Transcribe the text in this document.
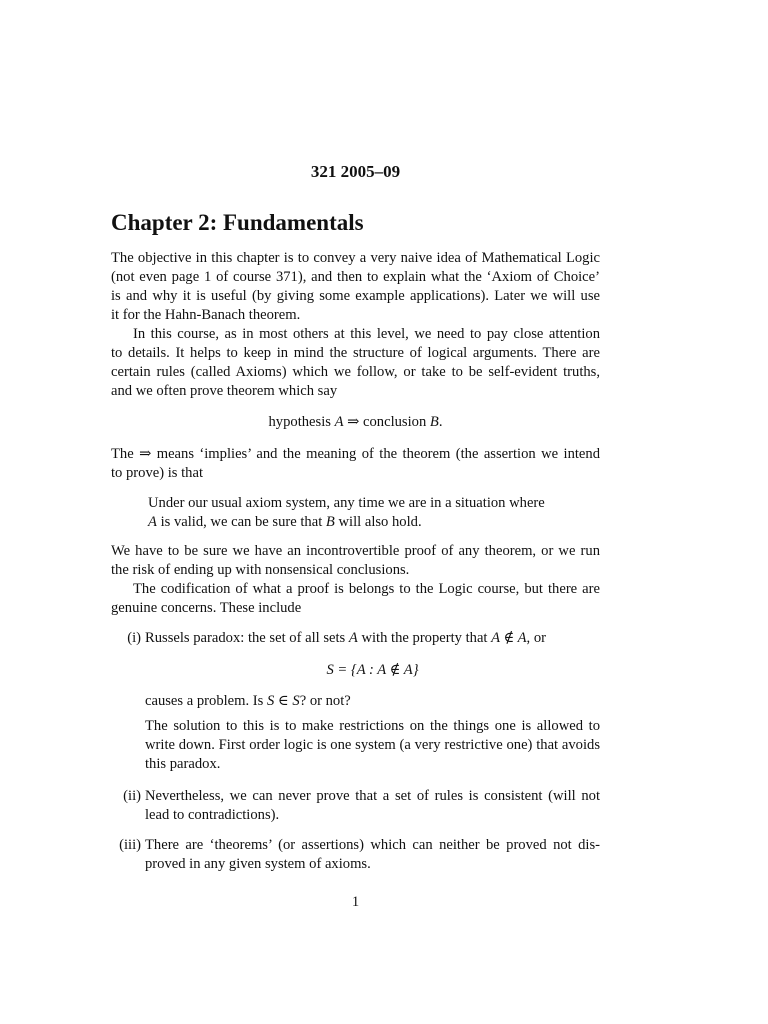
321 2005–09
Chapter 2: Fundamentals
The objective in this chapter is to convey a very naive idea of Mathematical Logic
(not even page 1 of course 371), and then to explain what the ‘Axiom of Choice’
is and why it is useful (by giving some example applications). Later we will use
it for the Hahn-Banach theorem.
In this course, as in most others at this level, we need to pay close attention
to details. It helps to keep in mind the structure of logical arguments. There are
certain rules (called Axioms) which we follow, or take to be self-evident truths,
and we often prove theorem which say
hypothesis A ⇒ conclusion B.
The ⇒ means ‘implies’ and the meaning of the theorem (the assertion we intend
to prove) is that
Under our usual axiom system, any time we are in a situation where
A is valid, we can be sure that B will also hold.
We have to be sure we have an incontrovertible proof of any theorem, or we run
the risk of ending up with nonsensical conclusions.
The codification of what a proof is belongs to the Logic course, but there are
genuine concerns. These include
(i) Russels paradox: the set of all sets A with the property that A ∉ A, or
S = {A : A ∉ A}
causes a problem. Is S ∈ S? or not?
The solution to this is to make restrictions on the things one is allowed to
write down. First order logic is one system (a very restrictive one) that avoids
this paradox.
(ii) Nevertheless, we can never prove that a set of rules is consistent (will not
lead to contradictions).
(iii) There are ‘theorems’ (or assertions) which can neither be proved not dis-
proved in any given system of axioms.
1
